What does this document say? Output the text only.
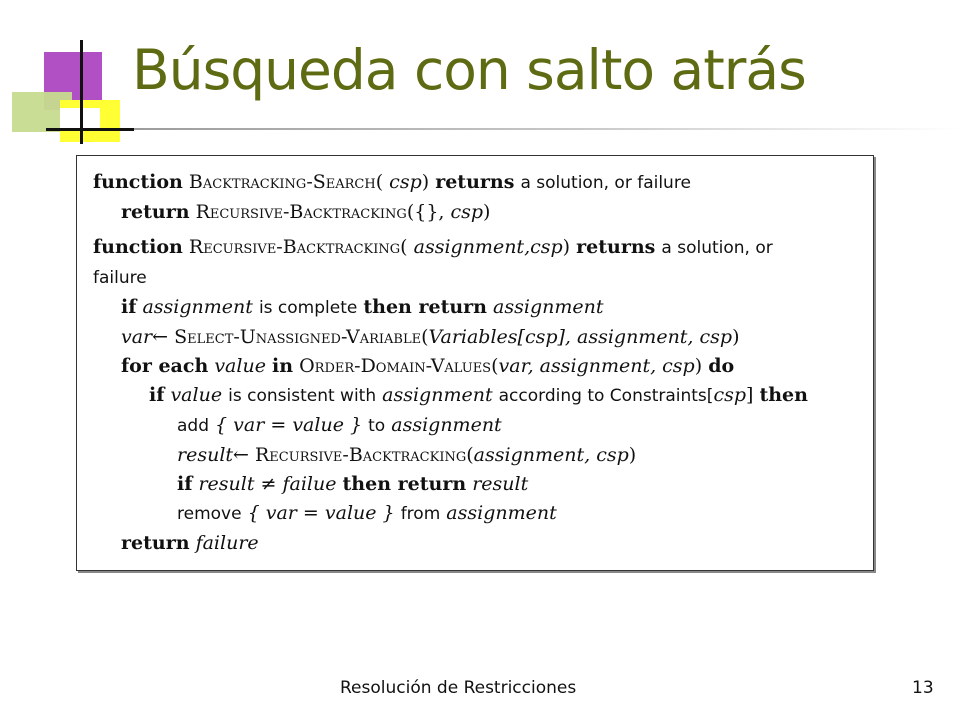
Búsqueda con salto atrás
function Backtracking-Search( csp) returns a solution, or failure
return Recursive-Backtracking({}, csp)
function Recursive-Backtracking( assignment,csp) returns a solution, or
failure
if assignment is complete then return assignment
var← Select-Unassigned-Variable(Variables[csp], assignment, csp)
for each value in Order-Domain-Values(var, assignment, csp) do
if value is consistent with assignment according to Constraints[csp] then
add { var = value } to assignment
result← Recursive-Backtracking(assignment, csp)
if result ≠ failue then return result
remove { var = value } from assignment
return failure
Resolución de Restricciones	13
